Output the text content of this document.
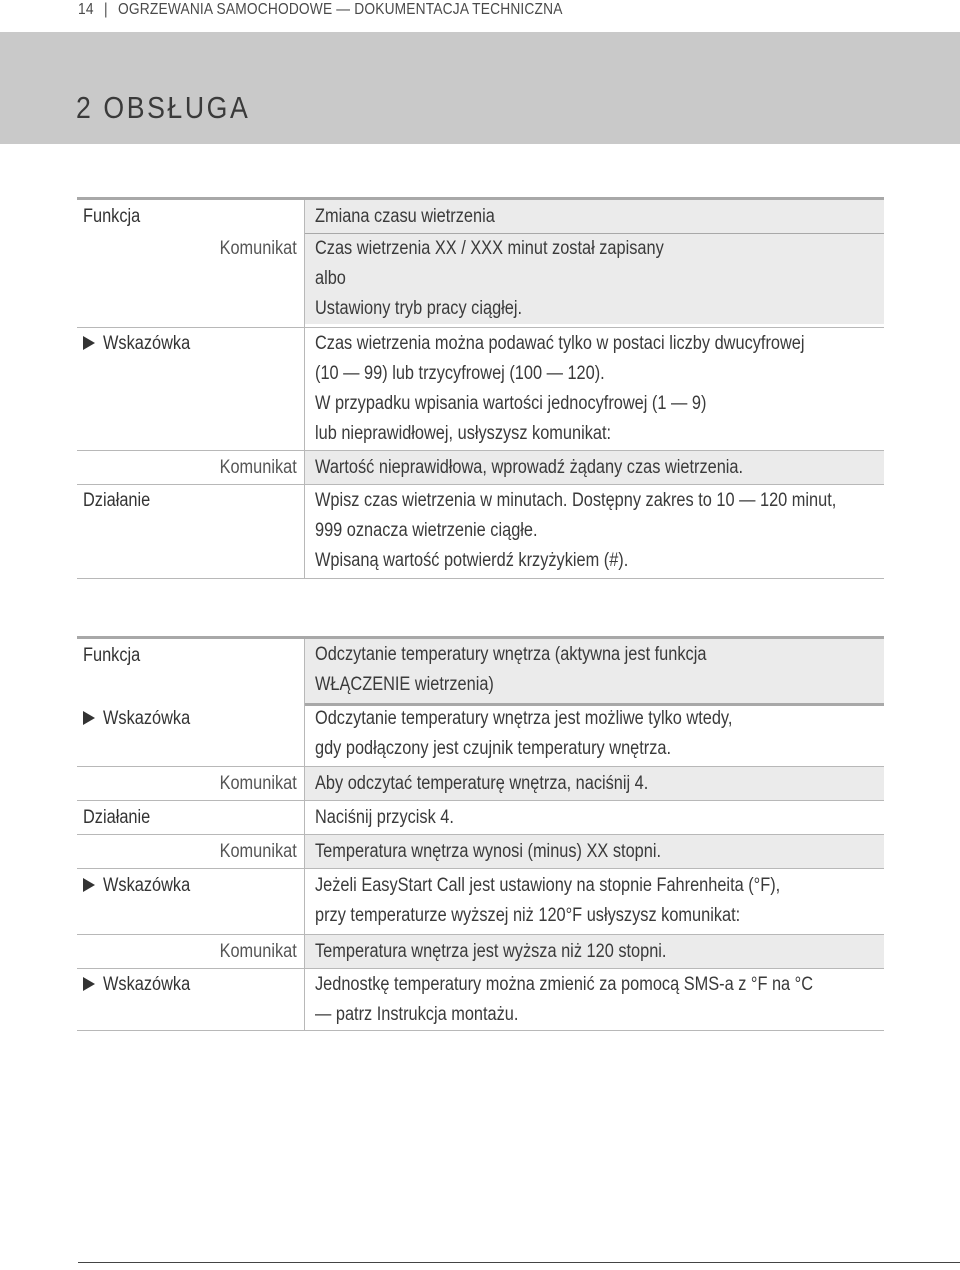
14 | OGRZEWANIA SAMOCHODOWE — DOKUMENTACJA TECHNICZNA
2 OBSŁUGA
Funkcja	Zmiana czasu wietrzenia
Komunikat Czas wietrzenia XX / XXX minut został zapisany
albo
Ustawiony tryb pracy ciągłej.
Wskazówka	Czas wietrzenia można podawać tylko w postaci liczby dwucyfrowej
(10 — 99) lub trzycyfrowej (100 — 120).
W przypadku wpisania wartości jednocyfrowej (1 — 9)
lub nieprawidłowej, usłyszysz komunikat:
Komunikat Wartość nieprawidłowa, wprowadź żądany czas wietrzenia.
Działanie	Wpisz czas wietrzenia w minutach. Dostępny zakres to 10 — 120 minut,
999 oznacza wietrzenie ciągłe.
Wpisaną wartość potwierdź krzyżykiem (#).
Funkcja	Odczytanie temperatury wnętrza (aktywna jest funkcja
WŁĄCZENIE wietrzenia)
Wskazówka	Odczytanie temperatury wnętrza jest możliwe tylko wtedy,
gdy podłączony jest czujnik temperatury wnętrza.
Komunikat Aby odczytać temperaturę wnętrza, naciśnij 4.
Działanie	Naciśnij przycisk 4.
Komunikat Temperatura wnętrza wynosi (minus) XX stopni.
Wskazówka	Jeżeli EasyStart Call jest ustawiony na stopnie Fahrenheita (°F),
przy temperaturze wyższej niż 120°F usłyszysz komunikat:
Komunikat Temperatura wnętrza jest wyższa niż 120 stopni.
Wskazówka	Jednostkę temperatury można zmienić za pomocą SMS-a z °F na °C
— patrz Instrukcja montażu.
